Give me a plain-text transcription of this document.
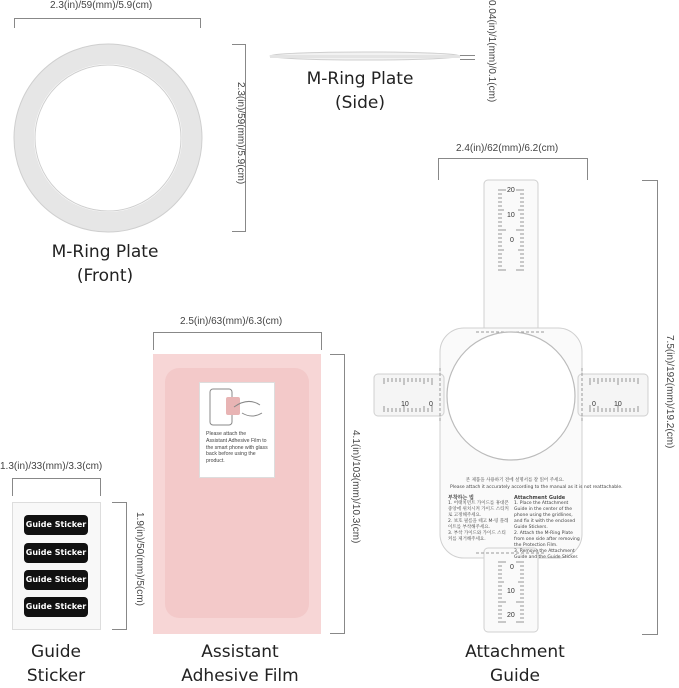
2.3(in)/59(mm)/5.9(cm)
2.3(in)/59(mm)/5.9(cm)
M-Ring Plate
(Front)
0.04(in)/1(mm)/0.1(cm)
M-Ring Plate
(Side)
2.4(in)/62(mm)/6.2(cm)
7.5(in)/192(mm)/19.2(cm)
20
10
0
10	0	0	10
0
10
20
본 제품을 사용하기 전에 설명서를 잘 읽어 주세요.
Please attach it accurately according to the manual as it is not reattachable.
부착하는 법
1. 어태치먼트 가이드를 휴대폰 중앙에 위치시켜 가이드 스티커로 고정해주세요.
2. 보호 필름을 떼고 M-링 플레이트를 부착해주세요.
3. 부착 가이드와 가이드 스티커를 제거해주세요.
Attachment Guide
1. Place the Attachment Guide in the center of the phone using the gridlines, and fix it with the enclosed Guide Stickers.
2. Attach the M-Ring Plate from one side after removing the Protection Film.
3. Remove the Attachment Guide and the Guide Sticker.
Attachment
Guide
2.5(in)/63(mm)/6.3(cm)
Please attach the Assistant Adhesive Film to the smart phone with glass back before using the product.	4.1(in)/103(mm)/10.3(cm)
Assistant
Adhesive Film
1.3(in)/33(mm)/3.3(cm)
Guide Sticker
Guide Sticker
Guide Sticker
Guide Sticker
1.9(in)/50(mm)/5(cm)
Guide
Sticker
